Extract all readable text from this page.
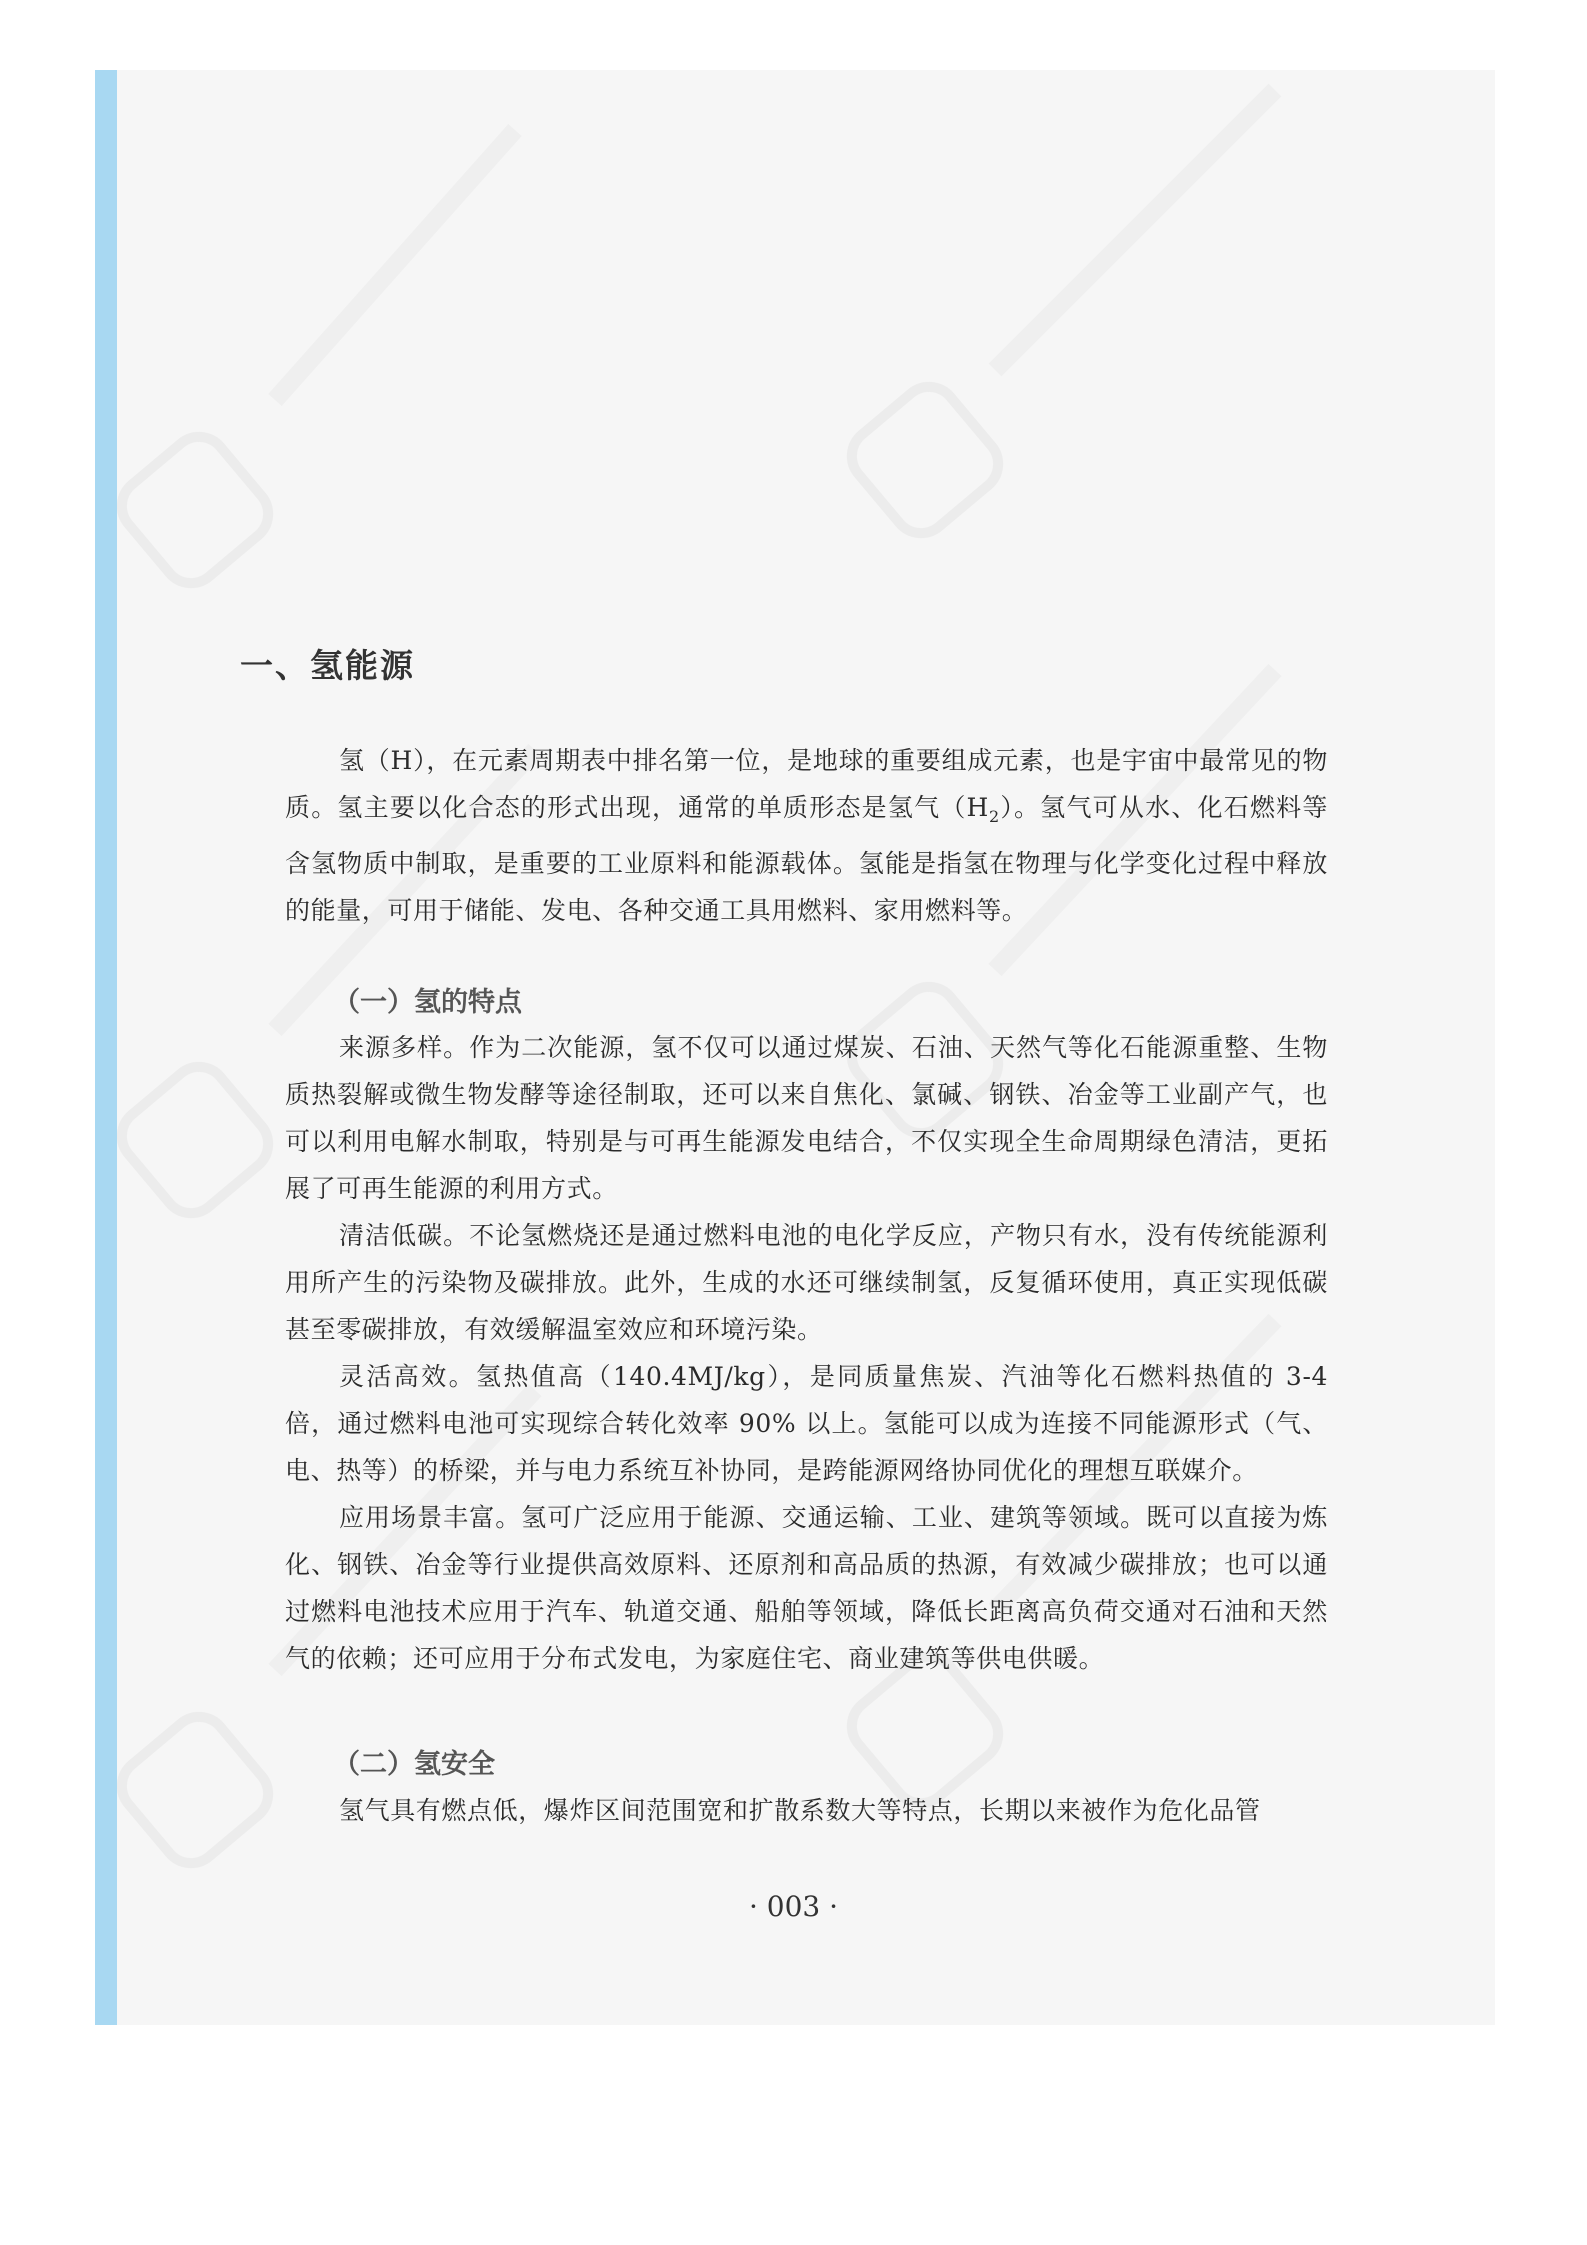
一、氢能源

氢（H），在元素周期表中排名第一位，是地球的重要组成元素，也是宇宙中最常见的物质。氢主要以化合态的形式出现，通常的单质形态是氢气$(H_2)$。氢气可从水、化石燃料等含氢物质中制取，是重要的工业原料和能源载体。氢能是指氢在物理与化学变化过程中释放的能量，可用于储能、发电、各种交通工具用燃料、家用燃料等。

（一）氢的特点

来源多样。作为二次能源，氢不仅可以通过煤炭、石油、天然气等化石能源重整、生物质热裂解或微生物发酵等途径制取，还可以来自焦化、氯碱、钢铁、冶金等工业副产气，也可以利用电解水制取，特别是与可再生能源发电结合，不仅实现全生命周期绿色清洁，更拓展了可再生能源的利用方式。

清洁低碳。不论氢燃烧还是通过燃料电池的电化学反应，产物只有水，没有传统能源利用所产生的污染物及碳排放。此外，生成的水还可继续制氢，反复循环使用，真正实现低碳甚至零碳排放，有效缓解温室效应和环境污染。

灵活高效。氢热值高（140.4MJ/kg），是同质量焦炭、汽油等化石燃料热值的 3-4 倍，通过燃料电池可实现综合转化效率 90% 以上。氢能可以成为连接不同能源形式（气、电、热等）的桥梁，并与电力系统互补协同，是跨能源网络协同优化的理想互联媒介。

应用场景丰富。氢可广泛应用于能源、交通运输、工业、建筑等领域。既可以直接为炼化、钢铁、冶金等行业提供高效原料、还原剂和高品质的热源，有效减少碳排放；也可以通过燃料电池技术应用于汽车、轨道交通、船舶等领域，降低长距离高负荷交通对石油和天然气的依赖；还可应用于分布式发电，为家庭住宅、商业建筑等供电供暖。

（二）氢安全

氢气具有燃点低，爆炸区间范围宽和扩散系数大等特点，长期以来被作为危化品管

· 003 ·
